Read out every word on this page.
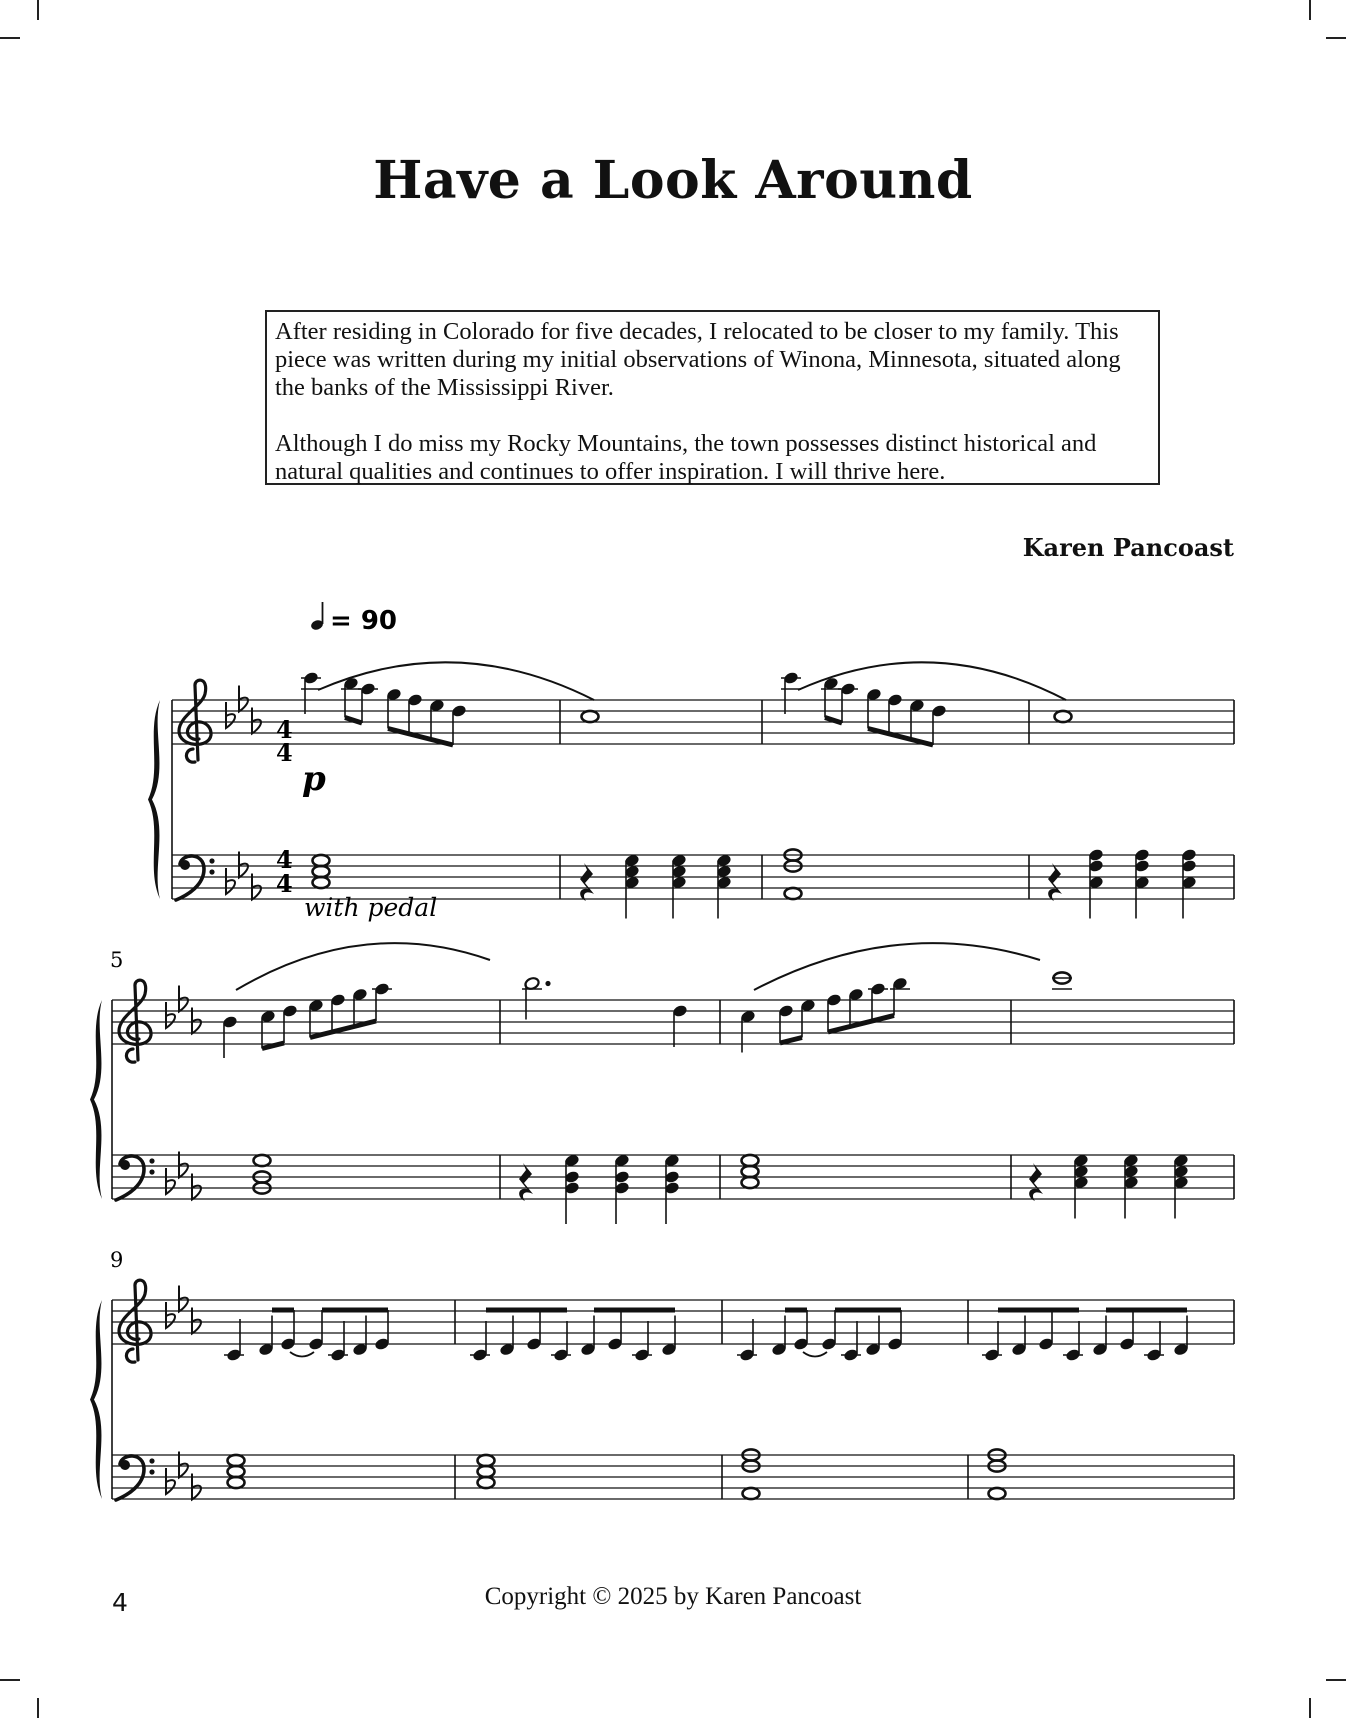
Have a Look Around

After residing in Colorado for five decades, I relocated to be closer to my family. This piece was written during my initial observations of Winona, Minnesota, situated along the banks of the Mississippi River.

Although I do miss my Rocky Mountains, the town possesses distinct historical and natural qualities and continues to offer inspiration. I will thrive here.

Karen Pancoast
= 90
p
with pedal
4
4
4
4
5
9
4	Copyright © 2025 by Karen Pancoast
